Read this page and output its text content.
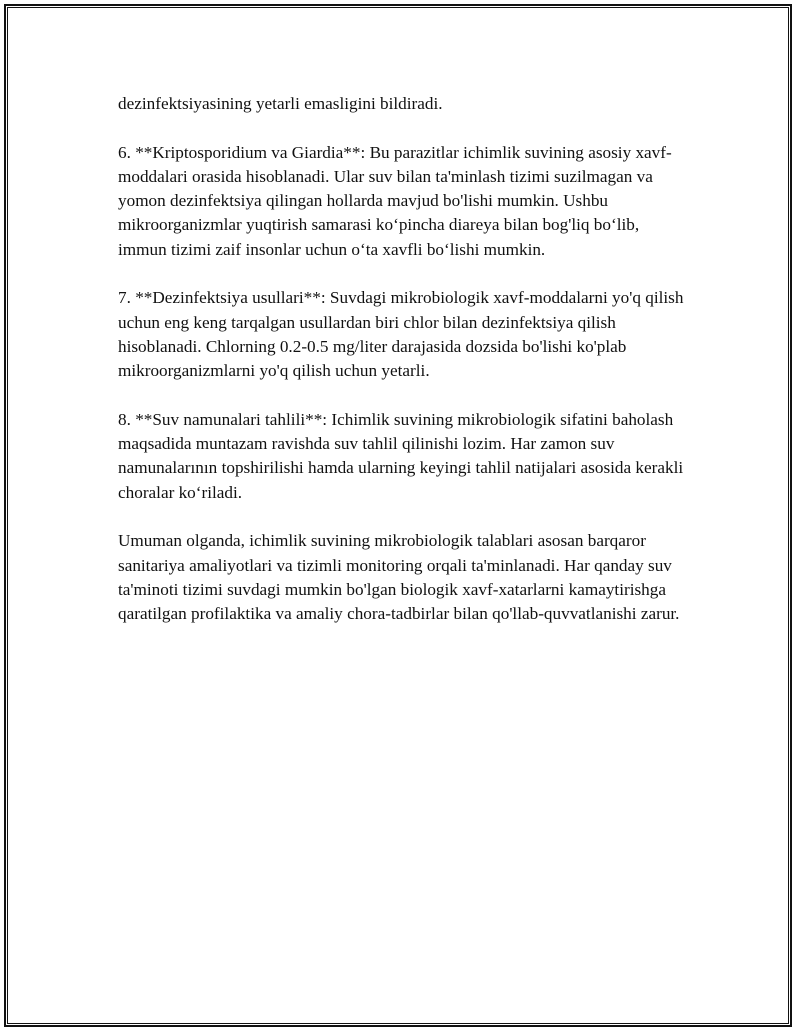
dezinfektsiyasining yetarli emasligini bildiradi.

6. **Kriptosporidium va Giardia**: Bu parazitlar ichimlik suvining asosiy xavf-moddalari orasida hisoblanadi. Ular suv bilan ta'minlash tizimi suzilmagan va yomon dezinfektsiya qilingan hollarda mavjud bo'lishi mumkin. Ushbu mikroorganizmlar yuqtirish samarasi ko‘pincha diareya bilan bog'liq bo‘lib, immun tizimi zaif insonlar uchun o‘ta xavfli bo‘lishi mumkin.

7. **Dezinfektsiya usullari**: Suvdagi mikrobiologik xavf-moddalarni yo'q qilish uchun eng keng tarqalgan usullardan biri chlor bilan dezinfektsiya qilish hisoblanadi. Chlorning 0.2-0.5 mg/liter darajasida dozsida bo'lishi ko'plab mikroorganizmlarni yo'q qilish uchun yetarli.

8. **Suv namunalari tahlili**: Ichimlik suvining mikrobiologik sifatini baholash maqsadida muntazam ravishda suv tahlil qilinishi lozim. Har zamon suv namunalarının topshirilishi hamda ularning keyingi tahlil natijalari asosida kerakli choralar ko‘riladi.

Umuman olganda, ichimlik suvining mikrobiologik talablari asosan barqaror sanitariya amaliyotlari va tizimli monitoring orqali ta'minlanadi. Har qanday suv ta'minoti tizimi suvdagi mumkin bo'lgan biologik xavf-xatarlarni kamaytirishga qaratilgan profilaktika va amaliy chora-tadbirlar bilan qo'llab-quvvatlanishi zarur.
